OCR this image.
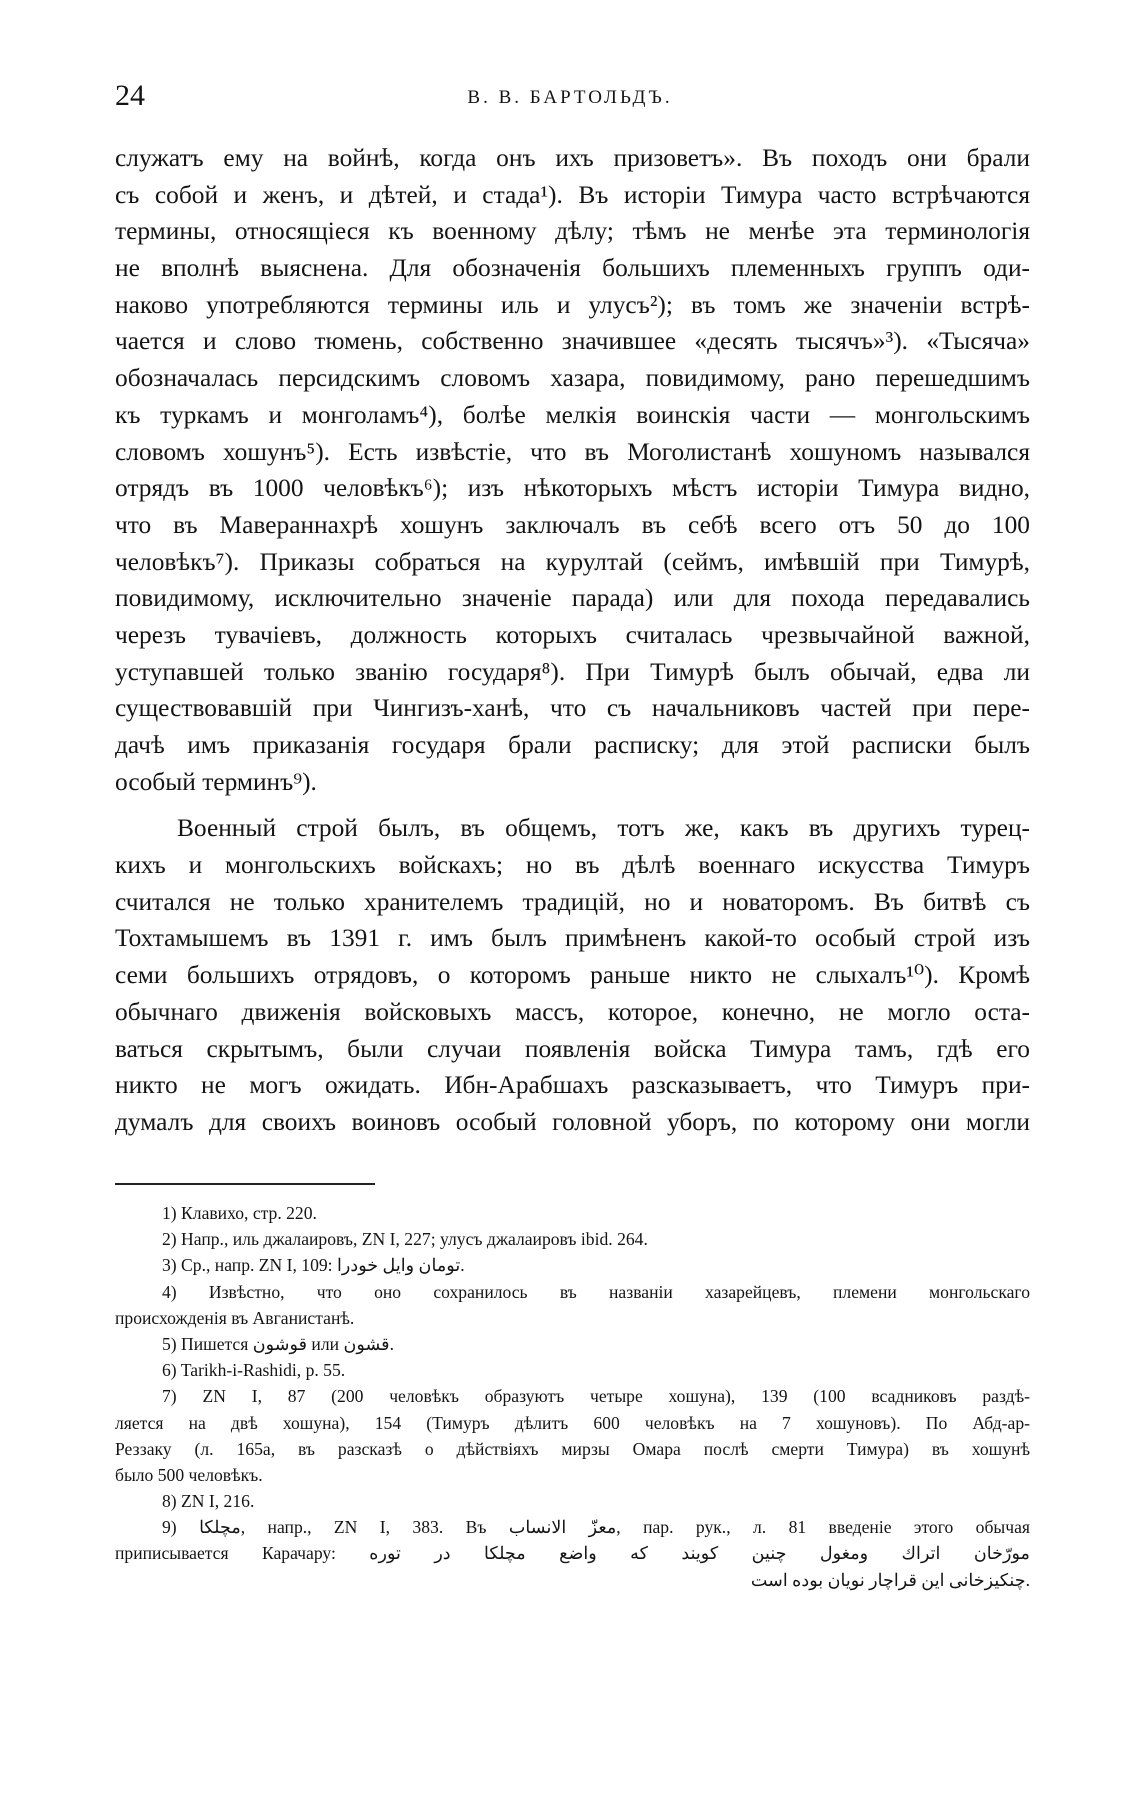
24	В. В. БАРТОЛЬДЪ.
служатъ ему на войнѣ, когда онъ ихъ призоветъ». Въ походъ они брали
съ собой и женъ, и дѣтей, и стада¹). Въ исторіи Тимура часто встрѣчаются
термины, относящіеся къ военному дѣлу; тѣмъ не менѣе эта терминологія
не вполнѣ выяснена. Для обозначенія большихъ племенныхъ группъ оди-
наково употребляются термины иль и улусъ²); въ томъ же значеніи встрѣ-
чается и слово тюмень, собственно значившее «десять тысячъ»³). «Тысяча»
обозначалась персидскимъ словомъ хазара, повидимому, рано перешедшимъ
къ туркамъ и монголамъ⁴), болѣе мелкія воинскія части — монгольскимъ
словомъ хошунъ⁵). Есть извѣстіе, что въ Моголистанѣ хошуномъ назывался
отрядъ въ 1000 человѣкъ⁶); изъ нѣкоторыхъ мѣстъ исторіи Тимура видно,
что въ Мавераннахрѣ хошунъ заключалъ въ себѣ всего отъ 50 до 100
человѣкъ⁷). Приказы собраться на курултай (сеймъ, имѣвшій при Тимурѣ,
повидимому, исключительно значеніе парада) или для похода передавались
черезъ тувачіевъ, должность которыхъ считалась чрезвычайной важной,
уступавшей только званію государя⁸). При Тимурѣ былъ обычай, едва ли
существовавшій при Чингизъ-ханѣ, что съ начальниковъ частей при пере-
дачѣ имъ приказанія государя брали расписку; для этой расписки былъ
особый терминъ⁹).
Военный строй былъ, въ общемъ, тотъ же, какъ въ другихъ турец-
кихъ и монгольскихъ войскахъ; но въ дѣлѣ военнаго искусства Тимуръ
считался не только хранителемъ традицій, но и новаторомъ. Въ битвѣ съ
Тохтамышемъ въ 1391 г. имъ былъ примѣненъ какой-то особый строй изъ
семи большихъ отрядовъ, о которомъ раньше никто не слыхалъ¹⁰). Кромѣ
обычнаго движенія войсковыхъ массъ, которое, конечно, не могло оста-
ваться скрытымъ, были случаи появленія войска Тимура тамъ, гдѣ его
никто не могъ ожидать. Ибн-Арабшахъ разсказываетъ, что Тимуръ при-
думалъ для своихъ воиновъ особый головной уборъ, по которому они могли
1) Клавихо, стр. 220.
2) Напр., иль джалаировъ, ZN I, 227; улусъ джалаировъ ibid. 264.
3) Ср., напр. ZN I, 109: تومان وایل خودرا.
4) Извѣстно, что оно сохранилось въ названіи хазарейцевъ, племени монгольскаго
происхожденія въ Авганистанѣ.
5) Пишется قوشون или قشون.
6) Tarikh-i-Rashidi, p. 55.
7) ZN I, 87 (200 человѣкъ образуютъ четыре хошуна), 139 (100 всадниковъ раздѣ-
ляется на двѣ хошуна), 154 (Тимуръ дѣлитъ 600 человѣкъ на 7 хошуновъ). По Абд-ар-
Реззаку (л. 165а, въ разсказѣ о дѣйствіяхъ мирзы Омара послѣ смерти Тимура) въ хошунѣ
было 500 человѣкъ.
8) ZN I, 216.
9) مچلکا, напр., ZN I, 383. Въ معزّ الانساب, пар. рук., л. 81 введеніе этого обычая
приписывается Карачару: مورّخان اتراك ومغول چنین کویند که واضع مچلکا در توره
چنکیزخانی این قراچار نویان بوده است.
